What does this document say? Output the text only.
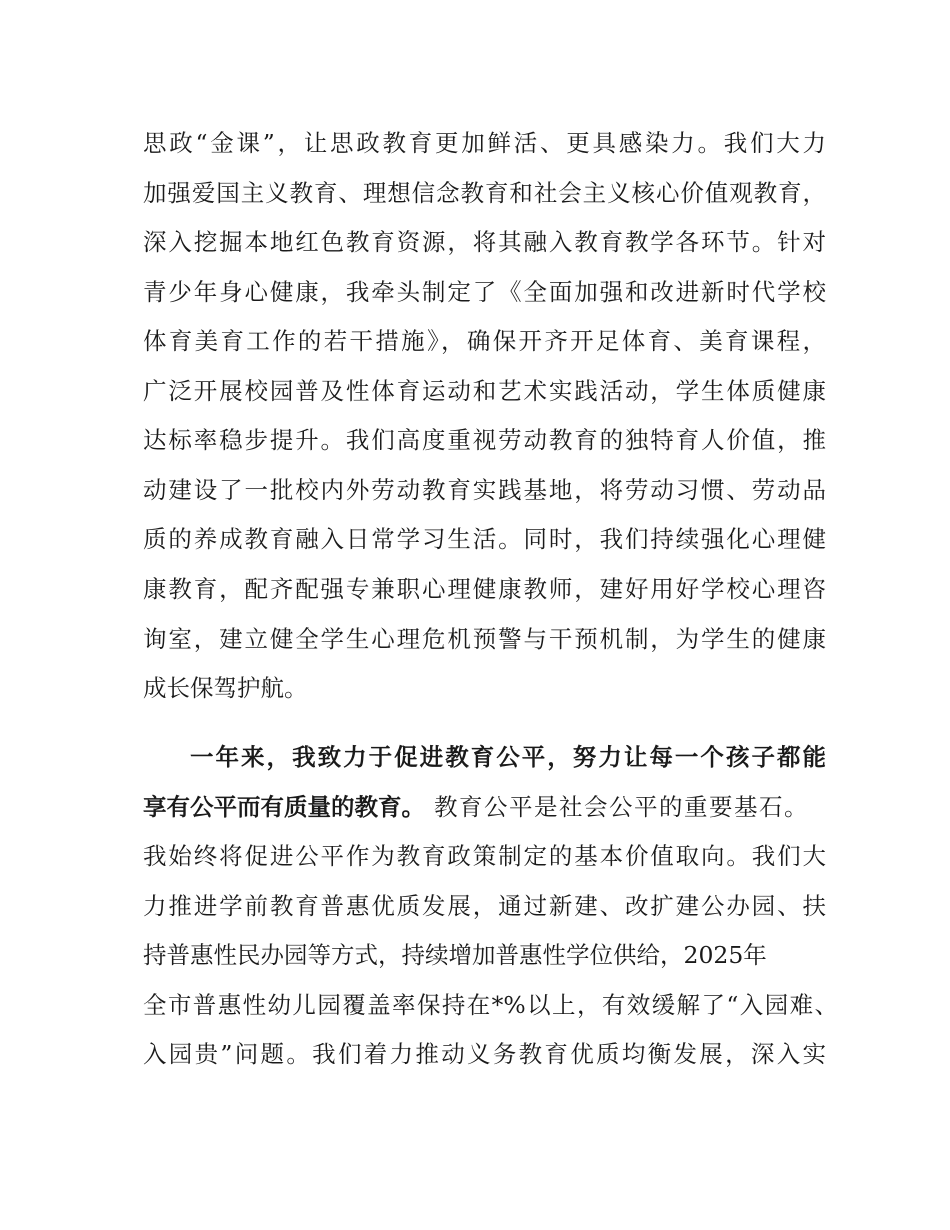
思政“金课”，让思政教育更加鲜活、更具感染力。我们大力
加强爱国主义教育、理想信念教育和社会主义核心价值观教育，
深入挖掘本地红色教育资源，将其融入教育教学各环节。针对
青少年身心健康，我牵头制定了《全面加强和改进新时代学校
体育美育工作的若干措施》，确保开齐开足体育、美育课程，
广泛开展校园普及性体育运动和艺术实践活动，学生体质健康
达标率稳步提升。我们高度重视劳动教育的独特育人价值，推
动建设了一批校内外劳动教育实践基地，将劳动习惯、劳动品
质的养成教育融入日常学习生活。同时，我们持续强化心理健
康教育，配齐配强专兼职心理健康教师，建好用好学校心理咨
询室，建立健全学生心理危机预警与干预机制，为学生的健康
成长保驾护航。
一年来，我致力于促进教育公平，努力让每一个孩子都能
享有公平而有质量的教育。 教育公平是社会公平的重要基石。
我始终将促进公平作为教育政策制定的基本价值取向。我们大
力推进学前教育普惠优质发展，通过新建、改扩建公办园、扶
持普惠性民办园等方式，持续增加普惠性学位供给，2025年
全市普惠性幼儿园覆盖率保持在*%以上，有效缓解了“入园难、
入园贵”问题。我们着力推动义务教育优质均衡发展，深入实
